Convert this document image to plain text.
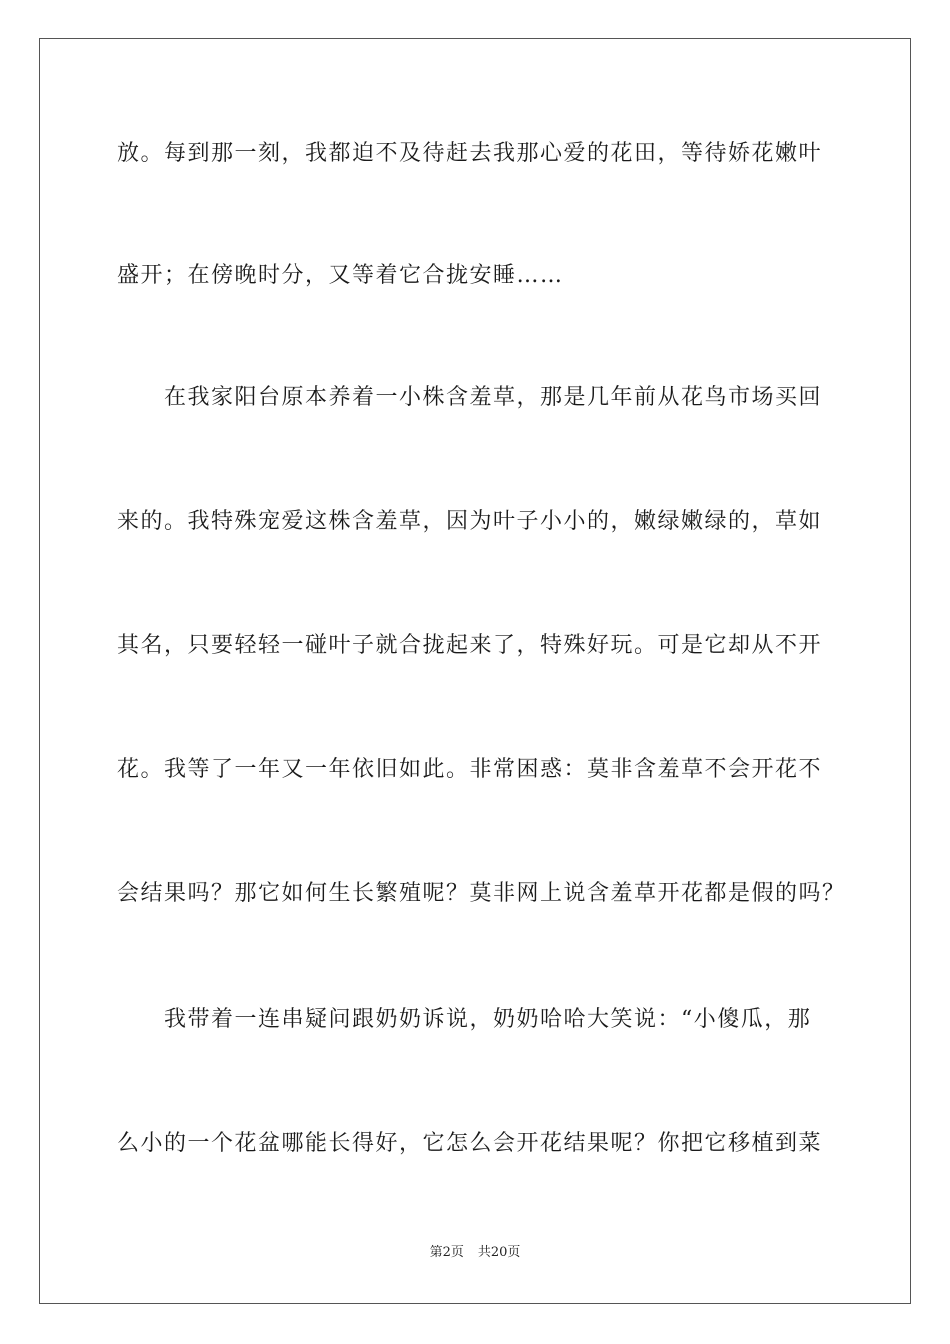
放。每到那一刻，我都迫不及待赶去我那心爱的花田，等待娇花嫩叶
盛开；在傍晚时分，又等着它合拢安睡……
在我家阳台原本养着一小株含羞草，那是几年前从花鸟市场买回
来的。我特殊宠爱这株含羞草，因为叶子小小的，嫩绿嫩绿的，草如
其名，只要轻轻一碰叶子就合拢起来了，特殊好玩。可是它却从不开
花。我等了一年又一年依旧如此。非常困惑：莫非含羞草不会开花不
会结果吗？那它如何生长繁殖呢？莫非网上说含羞草开花都是假的吗？
我带着一连串疑问跟奶奶诉说，奶奶哈哈大笑说：“小傻瓜，那
么小的一个花盆哪能长得好，它怎么会开花结果呢？你把它移植到菜
第2页 共20页
